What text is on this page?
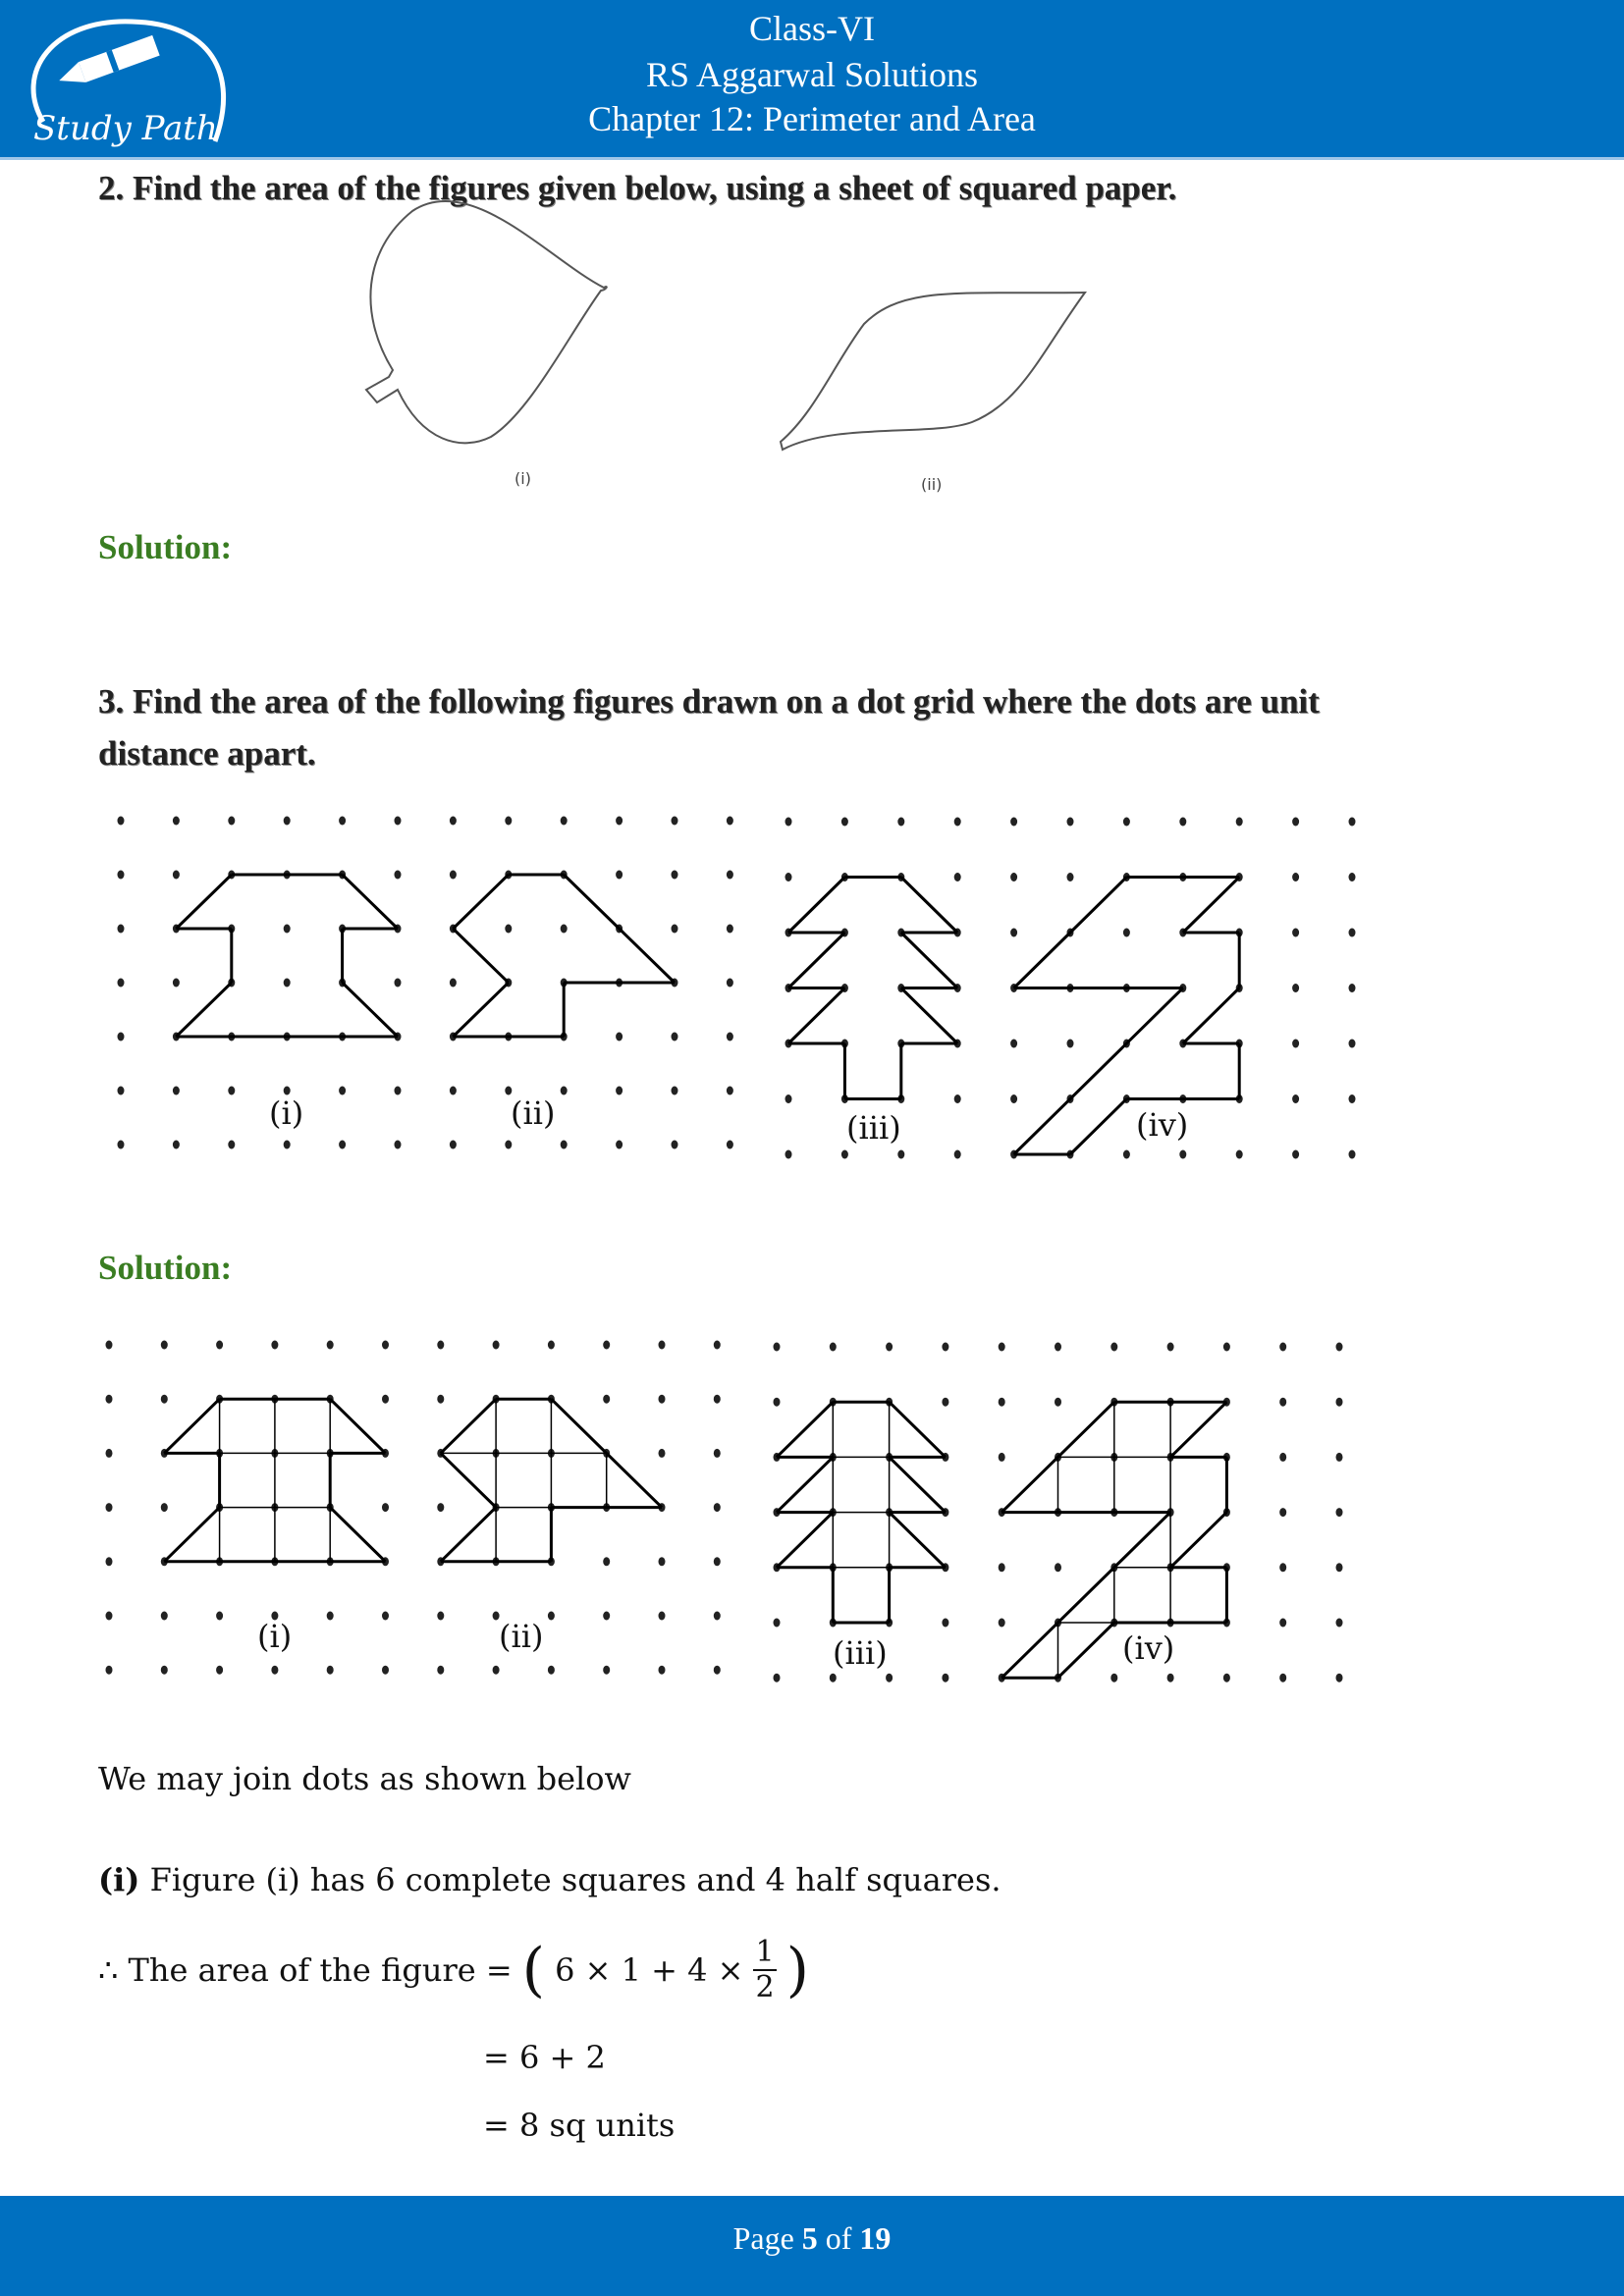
Study Path
Class-VI
RS Aggarwal Solutions
Chapter 12: Perimeter and Area
2. Find the area of the figures given below, using a sheet of squared paper.
(i)	(ii)
Solution:
3. Find the area of the following figures drawn on a dot grid where the dots are unit
distance apart.
(i)	(ii)	(iii)	(iv)
Solution:
(i)	(ii)	(iii)	(iv)
We may join dots as shown below
(i) Figure (i) has 6 complete squares and 4 half squares.
∴ The area of the figure = ( $6 \times 1 + 4 \times \frac{1}{2}$ )
= 6 + 2
= 8 sq units
Page 5 of 19
